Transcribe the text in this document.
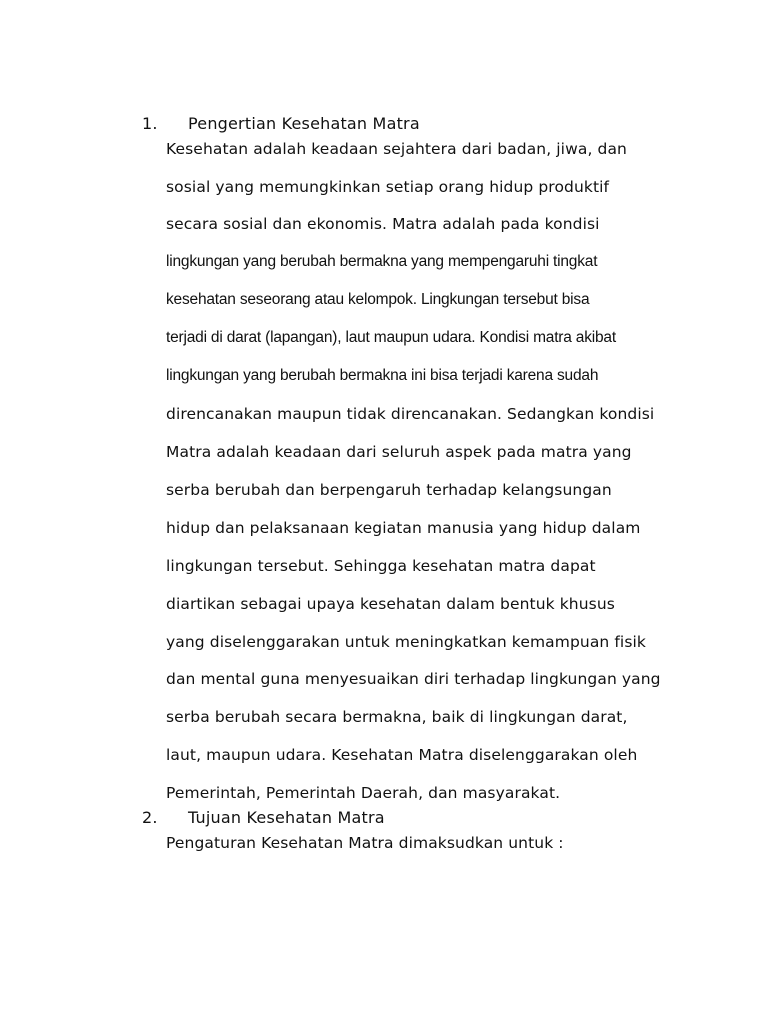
1. Pengertian Kesehatan Matra
Kesehatan adalah keadaan sejahtera dari badan, jiwa, dan
sosial yang memungkinkan setiap orang hidup produktif
secara sosial dan ekonomis. Matra adalah pada kondisi
lingkungan yang berubah bermakna yang mempengaruhi tingkat
kesehatan seseorang atau kelompok. Lingkungan tersebut bisa
terjadi di darat (lapangan), laut maupun udara. Kondisi matra akibat
lingkungan yang berubah bermakna ini bisa terjadi karena sudah
direncanakan maupun tidak direncanakan. Sedangkan kondisi
Matra adalah keadaan dari seluruh aspek pada matra yang
serba berubah dan berpengaruh terhadap kelangsungan
hidup dan pelaksanaan kegiatan manusia yang hidup dalam
lingkungan tersebut. Sehingga kesehatan matra dapat
diartikan sebagai upaya kesehatan dalam bentuk khusus
yang diselenggarakan untuk meningkatkan kemampuan fisik
dan mental guna menyesuaikan diri terhadap lingkungan yang
serba berubah secara bermakna, baik di lingkungan darat,
laut, maupun udara. Kesehatan Matra diselenggarakan oleh
Pemerintah, Pemerintah Daerah, dan masyarakat.
2. Tujuan Kesehatan Matra
Pengaturan Kesehatan Matra dimaksudkan untuk :
